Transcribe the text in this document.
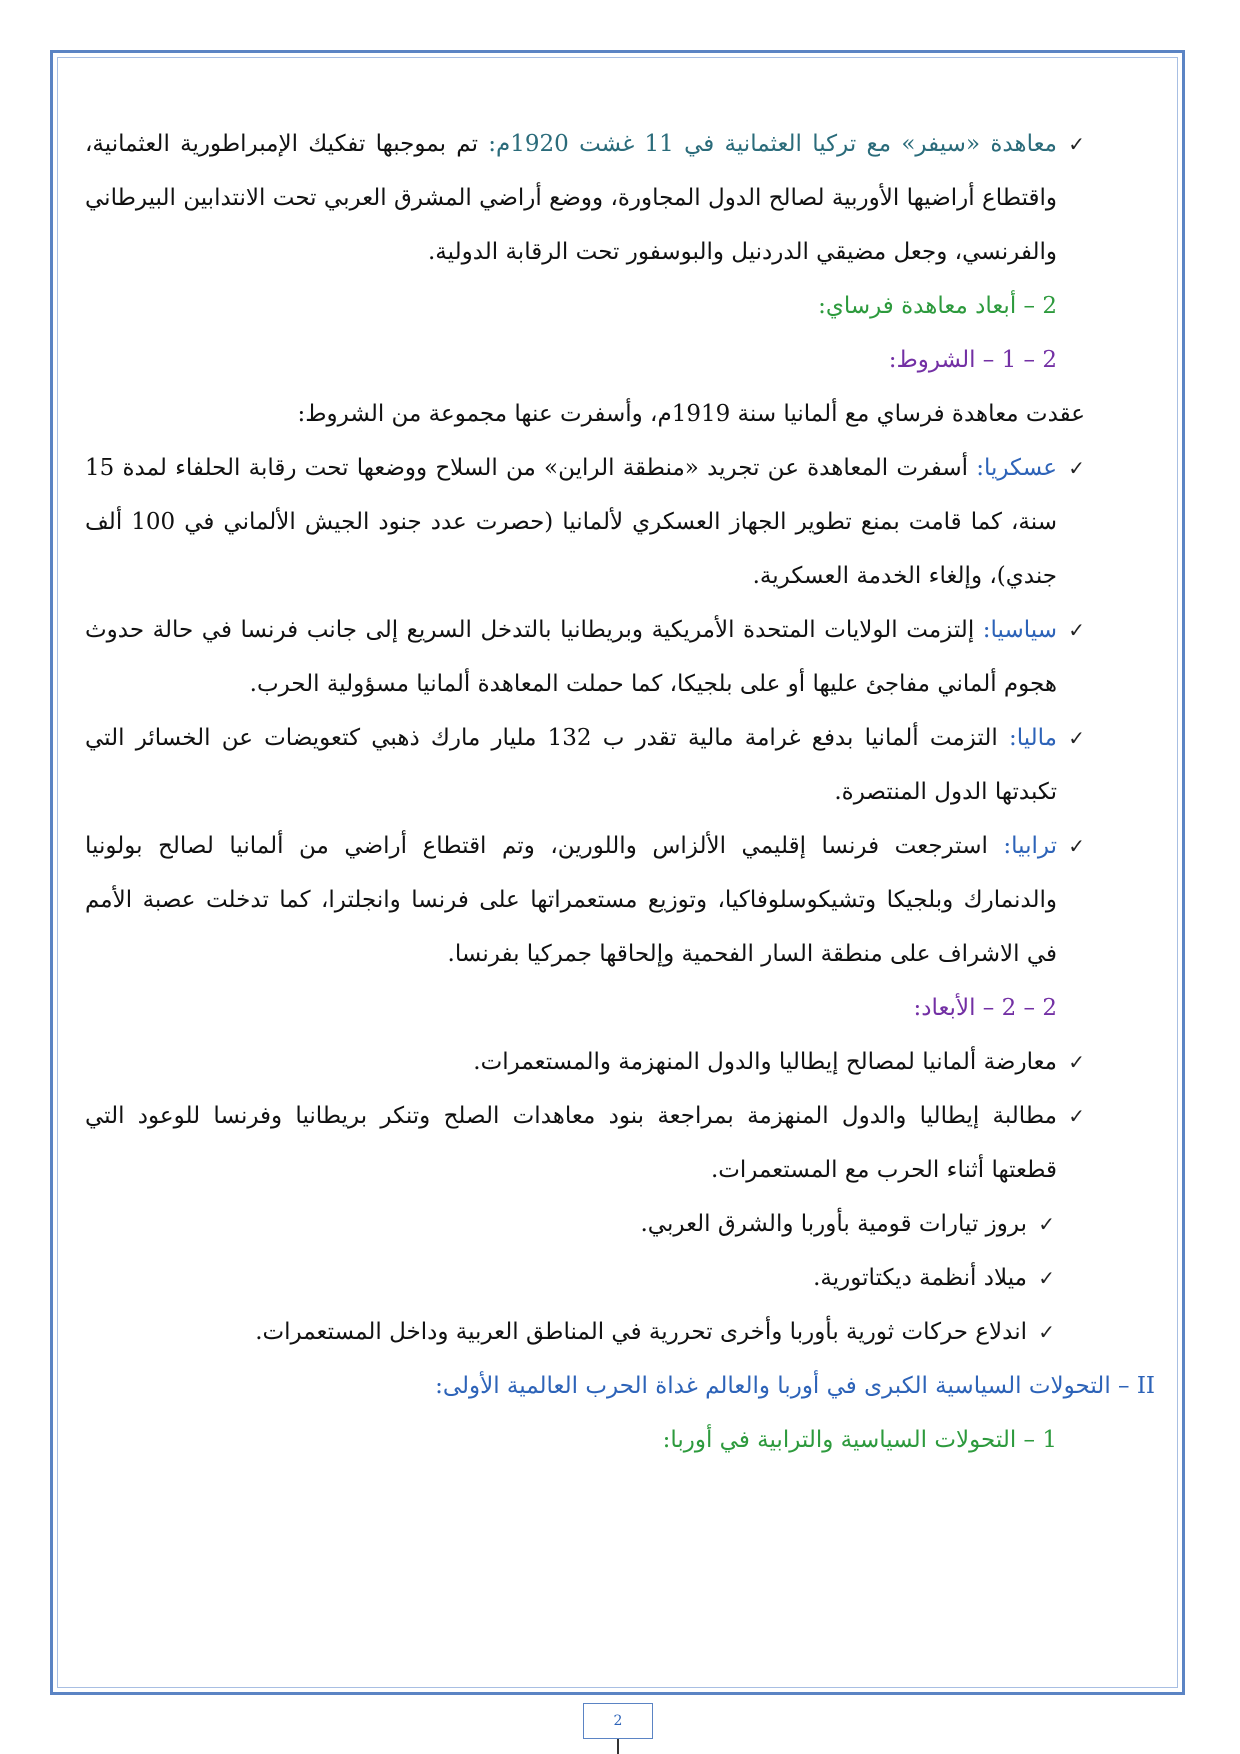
✓
معاهدة «سيفر» مع تركيا العثمانية في 11 غشت 1920م: تم بموجبها تفكيك الإمبراطورية العثمانية، واقتطاع أراضيها الأوربية لصالح الدول المجاورة، ووضع أراضي المشرق العربي تحت الانتدابين البيرطاني والفرنسي، وجعل مضيقي الدردنيل والبوسفور تحت الرقابة الدولية.
2 – أبعاد معاهدة فرساي:
2 – 1 – الشروط:
عقدت معاهدة فرساي مع ألمانيا سنة 1919م، وأسفرت عنها مجموعة من الشروط:
✓
عسكريا: أسفرت المعاهدة عن تجريد «منطقة الراين» من السلاح ووضعها تحت رقابة الحلفاء لمدة 15 سنة، كما قامت بمنع تطوير الجهاز العسكري لألمانيا (حصرت عدد جنود الجيش الألماني في 100 ألف جندي)، وإلغاء الخدمة العسكرية.
✓
سياسيا: إلتزمت الولايات المتحدة الأمريكية وبريطانيا بالتدخل السريع إلى جانب فرنسا في حالة حدوث هجوم ألماني مفاجئ عليها أو على بلجيكا، كما حملت المعاهدة ألمانيا مسؤولية الحرب.
✓
ماليا: التزمت ألمانيا بدفع غرامة مالية تقدر ب 132 مليار مارك ذهبي كتعويضات عن الخسائر التي تكبدتها الدول المنتصرة.
✓
ترابيا: استرجعت فرنسا إقليمي الألزاس واللورين، وتم اقتطاع أراضي من ألمانيا لصالح بولونيا والدنمارك وبلجيكا وتشيكوسلوفاكيا، وتوزيع مستعمراتها على فرنسا وانجلترا، كما تدخلت عصبة الأمم في الاشراف على منطقة السار الفحمية وإلحاقها جمركيا بفرنسا.
2 – 2 – الأبعاد:
✓
معارضة ألمانيا لمصالح إيطاليا والدول المنهزمة والمستعمرات.
✓
مطالبة إيطاليا والدول المنهزمة بمراجعة بنود معاهدات الصلح وتنكر بريطانيا وفرنسا للوعود التي قطعتها أثناء الحرب مع المستعمرات.
✓
بروز تيارات قومية بأوربا والشرق العربي.
✓
ميلاد أنظمة ديكتاتورية.
✓
اندلاع حركات ثورية بأوربا وأخرى تحررية في المناطق العربية وداخل المستعمرات.
II – التحولات السياسية الكبرى في أوربا والعالم غداة الحرب العالمية الأولى:
1 – التحولات السياسية والترابية في أوربا:
2
